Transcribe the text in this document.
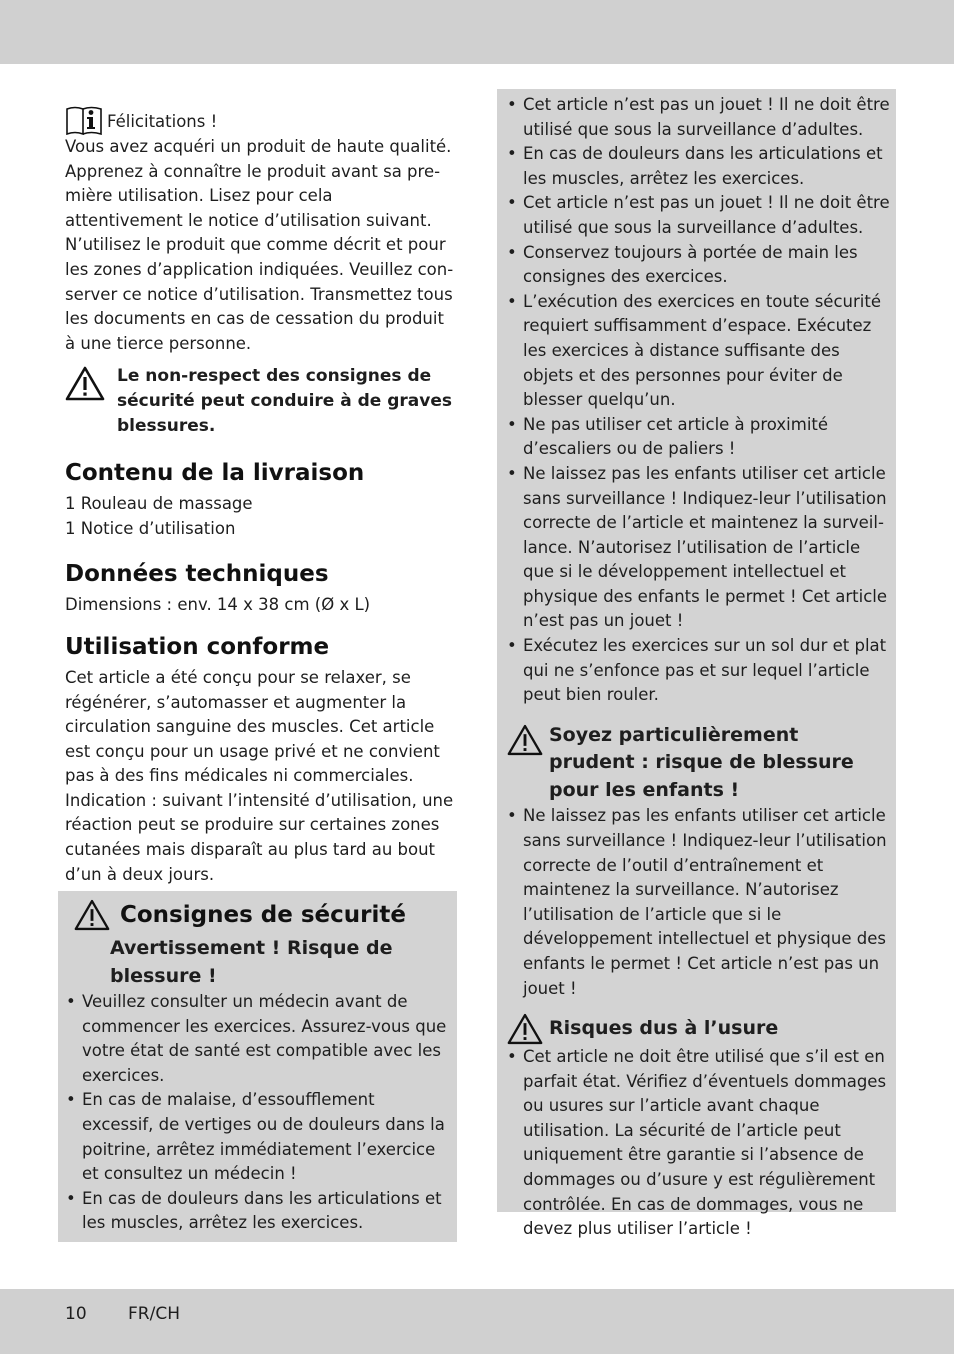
Félicitations !

Vous avez acquéri un produit de haute qualité. Apprenez à connaître le produit avant sa première utilisation. Lisez pour cela attentivement le notice d’utilisation suivant.

N’utilisez le produit que comme décrit et pour les zones d’application indiquées. Veuillez conserver ce notice d’utilisation. Transmettez tous les documents en cas de cessation du produit à une tierce personne.

Le non-respect des consignes de sécurité peut conduire à de graves blessures.
Contenu de la livraison
1 Rouleau de massage
1 Notice d’utilisation
Données techniques

Dimensions : env. 14 x 38 cm (Ø x L)

Utilisation conforme

Cet article a été conçu pour se relaxer, se régénérer, s’automasser et augmenter la circulation sanguine des muscles. Cet article est conçu pour un usage privé et ne convient pas à des fins médicales ni commerciales.

Indication : suivant l’intensité d’utilisation, une réaction peut se produire sur certaines zones cutanées mais disparaît au plus tard au bout d’un à deux jours.

Consignes de sécurité
Avertissement ! Risque de blessure !
• Veuillez consulter un médecin avant de commencer les exercices. Assurez-vous que votre état de santé est compatible avec les exercices.
• En cas de malaise, d’essoufflement excessif, de vertiges ou de douleurs dans la poitrine, arrêtez immédiatement l’exercice et consultez un médecin !
• En cas de douleurs dans les articulations et les muscles, arrêtez les exercices.
• Cet article n’est pas un jouet ! Il ne doit être utilisé que sous la surveillance d’adultes.
• En cas de douleurs dans les articulations et les muscles, arrêtez les exercices.
• Cet article n’est pas un jouet ! Il ne doit être utilisé que sous la surveillance d’adultes.
• Conservez toujours à portée de main les consignes des exercices.
• L’exécution des exercices en toute sécurité requiert suffisamment d’espace. Exécutez les exercices à distance suffisante des objets et des personnes pour éviter de blesser quelqu’un.
• Ne pas utiliser cet article à proximité d’escaliers ou de paliers !
• Ne laissez pas les enfants utiliser cet article sans surveillance ! Indiquez-leur l’utilisation correcte de l’article et maintenez la surveillance. N’autorisez l’utilisation de l’article que si le développement intellectuel et physique des enfants le permet ! Cet article n’est pas un jouet !
• Exécutez les exercices sur un sol dur et plat qui ne s’enfonce pas et sur lequel l’article peut bien rouler.
Soyez particulièrement prudent : risque de blessure pour les enfants !
• Ne laissez pas les enfants utiliser cet article sans surveillance ! Indiquez-leur l’utilisation correcte de l’outil d’entraînement et maintenez la surveillance. N’autorisez l’utilisation de l’article que si le développement intellectuel et physique des enfants le permet ! Cet article n’est pas un jouet !
Risques dus à l’usure
• Cet article ne doit être utilisé que s’il est en parfait état. Vérifiez d’éventuels dommages ou usures sur l’article avant chaque utilisation. La sécurité de l’article peut uniquement être garantie si l’absence de dommages ou d’usure y est régulièrement contrôlée. En cas de dommages, vous ne devez plus utiliser l’article !
10 FR/CH
